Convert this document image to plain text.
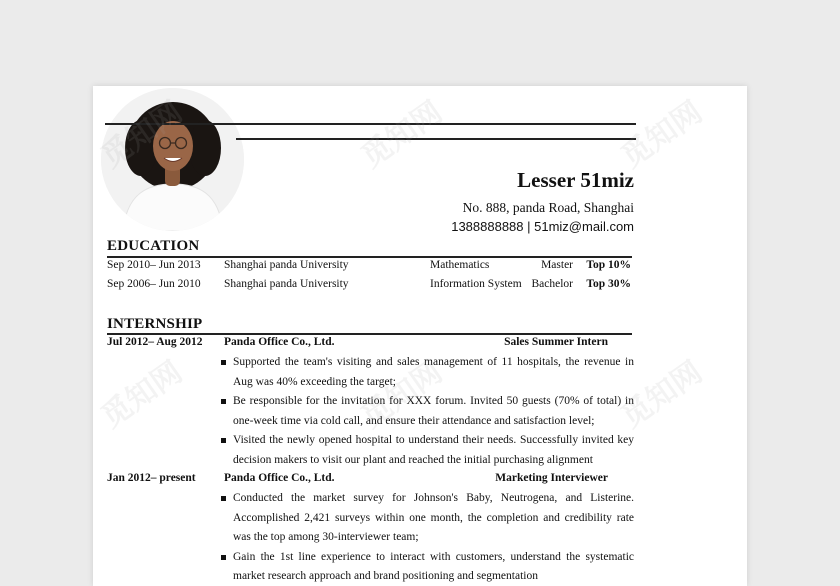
Lesser 51miz
No. 888, panda Road, Shanghai
1388888888 | 51miz@mail.com
EDUCATION
Sep 2010– Jun 2013 Shanghai panda University	Mathematics	Master Top 10%
Sep 2006– Jun 2010 Shanghai panda University	Information System Bachelor Top 30%
INTERNSHIP
Jul 2012– Aug 2012 Panda Office Co., Ltd.	Sales Summer Intern
Supported the team's visiting and sales management of 11 hospitals, the revenue in Aug was 40% exceeding the target;
Be responsible for the invitation for XXX forum. Invited 50 guests (70% of total) in one-week time via cold call, and ensure their attendance and satisfaction level;
Visited the newly opened hospital to understand their needs. Successfully invited key decision makers to visit our plant and reached the initial purchasing alignment
Jan 2012– present Panda Office Co., Ltd.	Marketing Interviewer
Conducted the market survey for Johnson's Baby, Neutrogena, and Listerine. Accomplished 2,421 surveys within one month, the completion and credibility rate was the top among 30-interviewer team;
Gain the 1st line experience to interact with customers, understand the systematic market research approach and brand positioning and segmentation
